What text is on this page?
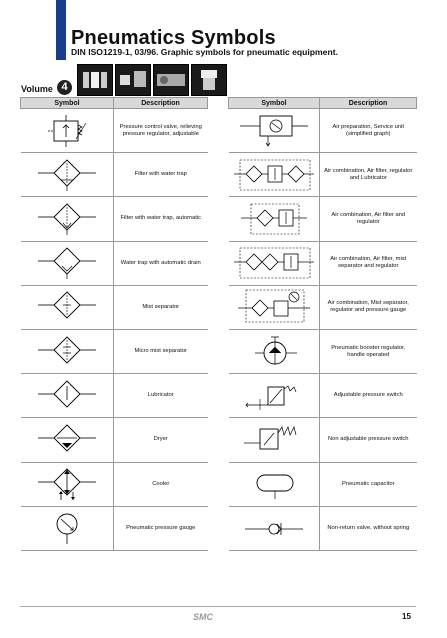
Pneumatics Symbols
DIN ISO1219-1, 03/96. Graphic symbols for pneumatic equipment.
Volume 4
Symbol	Description

	Pressure control valve, relieving pressure regulator, adjustable

	Filter with water trap

	Filter with water trap, automatic

	Water trap with automatic drain

	Mist separator

	Micro mist separator

	Lubricator

	Dryer

	Cooler

	Pneumatic pressure gauge
Symbol	Description

	Air preparation, Service unit (simplified graph)

	Air combination, Air filter, regulator and Lubricator

	Air combination, Air filter and regulator

	Air combination, Air filter, mist separator and regulator

	Air combination, Mist separator, regulator and pressure gauge

	Pneumatic booster regulator, handle operated

	Adjustable pressure switch

	Non adjustable pressure switch

	Pneumatic capacitor

	Non-return valve, without spring
SMC	15
